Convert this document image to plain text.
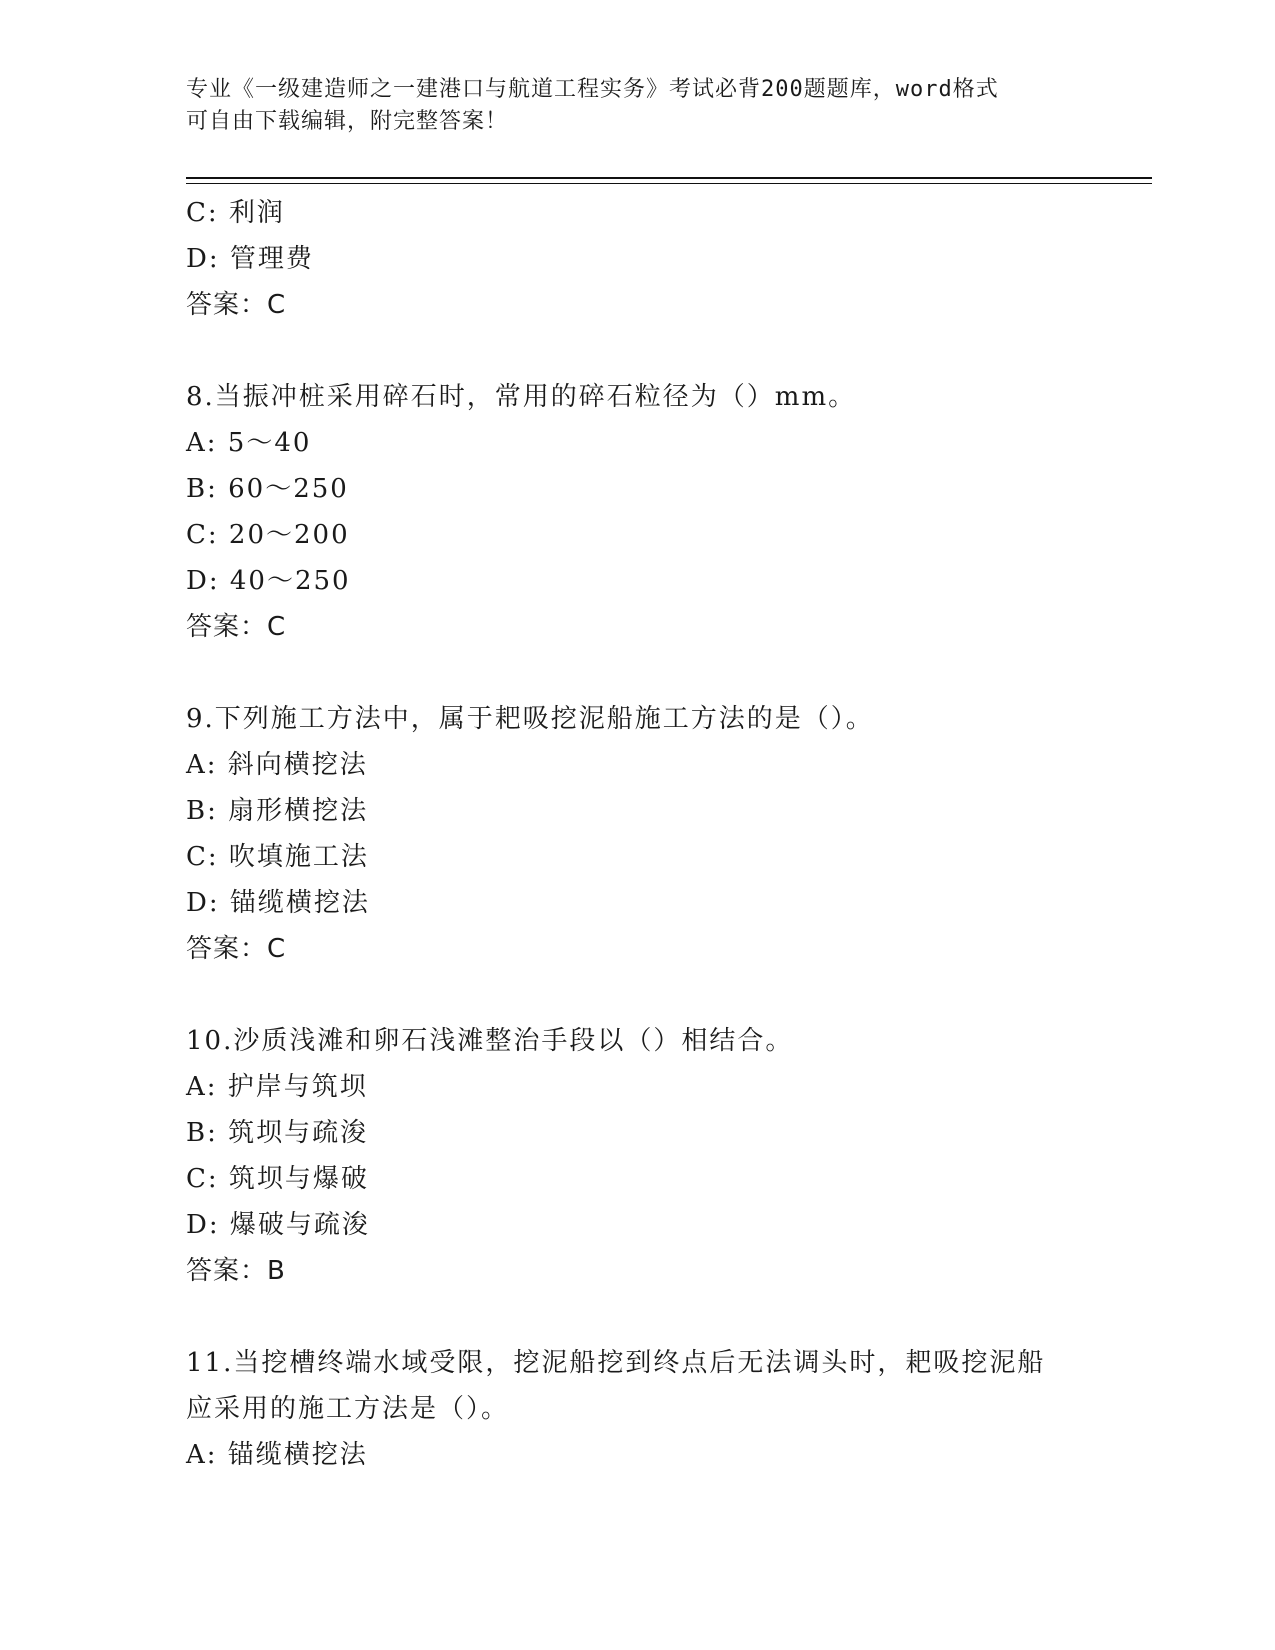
专业《一级建造师之一建港口与航道工程实务》考试必背200题题库，word格式
可自由下载编辑，附完整答案！
C: 利润
D: 管理费
答案：C
8.当振冲桩采用碎石时，常用的碎石粒径为（）mm。
A: 5～40
B: 60～250
C: 20～200
D: 40～250
答案：C
9.下列施工方法中，属于耙吸挖泥船施工方法的是（）。
A: 斜向横挖法
B: 扇形横挖法
C: 吹填施工法
D: 锚缆横挖法
答案：C
10.沙质浅滩和卵石浅滩整治手段以（）相结合。
A: 护岸与筑坝
B: 筑坝与疏浚
C: 筑坝与爆破
D: 爆破与疏浚
答案：B
11.当挖槽终端水域受限，挖泥船挖到终点后无法调头时，耙吸挖泥船
应采用的施工方法是（）。
A: 锚缆横挖法
